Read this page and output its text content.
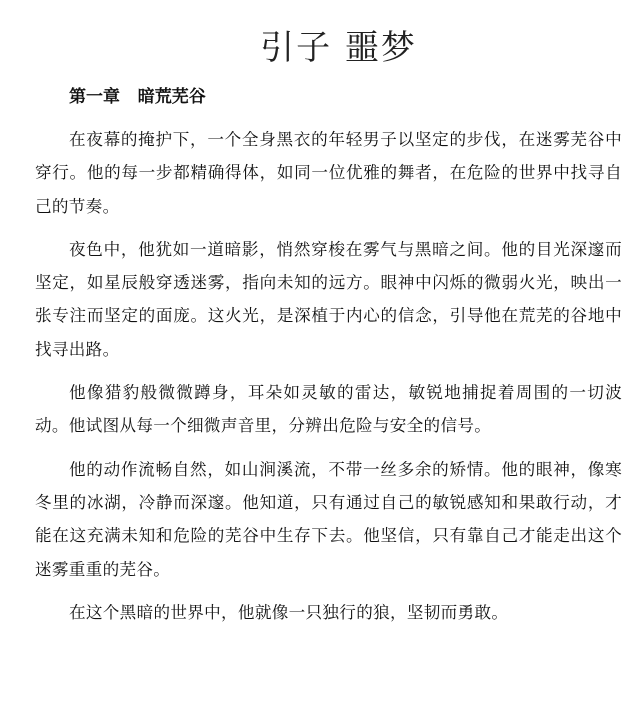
引子 噩梦
第一章   暗荒芜谷

在夜幕的掩护下，一个全身黑衣的年轻男子以坚定的步伐，在迷雾芜谷中穿行。他的每一步都精确得体，如同一位优雅的舞者，在危险的世界中找寻自己的节奏。

夜色中，他犹如一道暗影，悄然穿梭在雾气与黑暗之间。他的目光深邃而坚定，如星辰般穿透迷雾，指向未知的远方。眼神中闪烁的微弱火光，映出一张专注而坚定的面庞。这火光，是深植于内心的信念，引导他在荒芜的谷地中找寻出路。

他像猎豹般微微蹲身，耳朵如灵敏的雷达，敏锐地捕捉着周围的一切波动。他试图从每一个细微声音里，分辨出危险与安全的信号。

他的动作流畅自然，如山涧溪流，不带一丝多余的矫情。他的眼神，像寒冬里的冰湖，冷静而深邃。他知道，只有通过自己的敏锐感知和果敢行动，才能在这充满未知和危险的芜谷中生存下去。他坚信，只有靠自己才能走出这个迷雾重重的芜谷。

在这个黑暗的世界中，他就像一只独行的狼，坚韧而勇敢。
